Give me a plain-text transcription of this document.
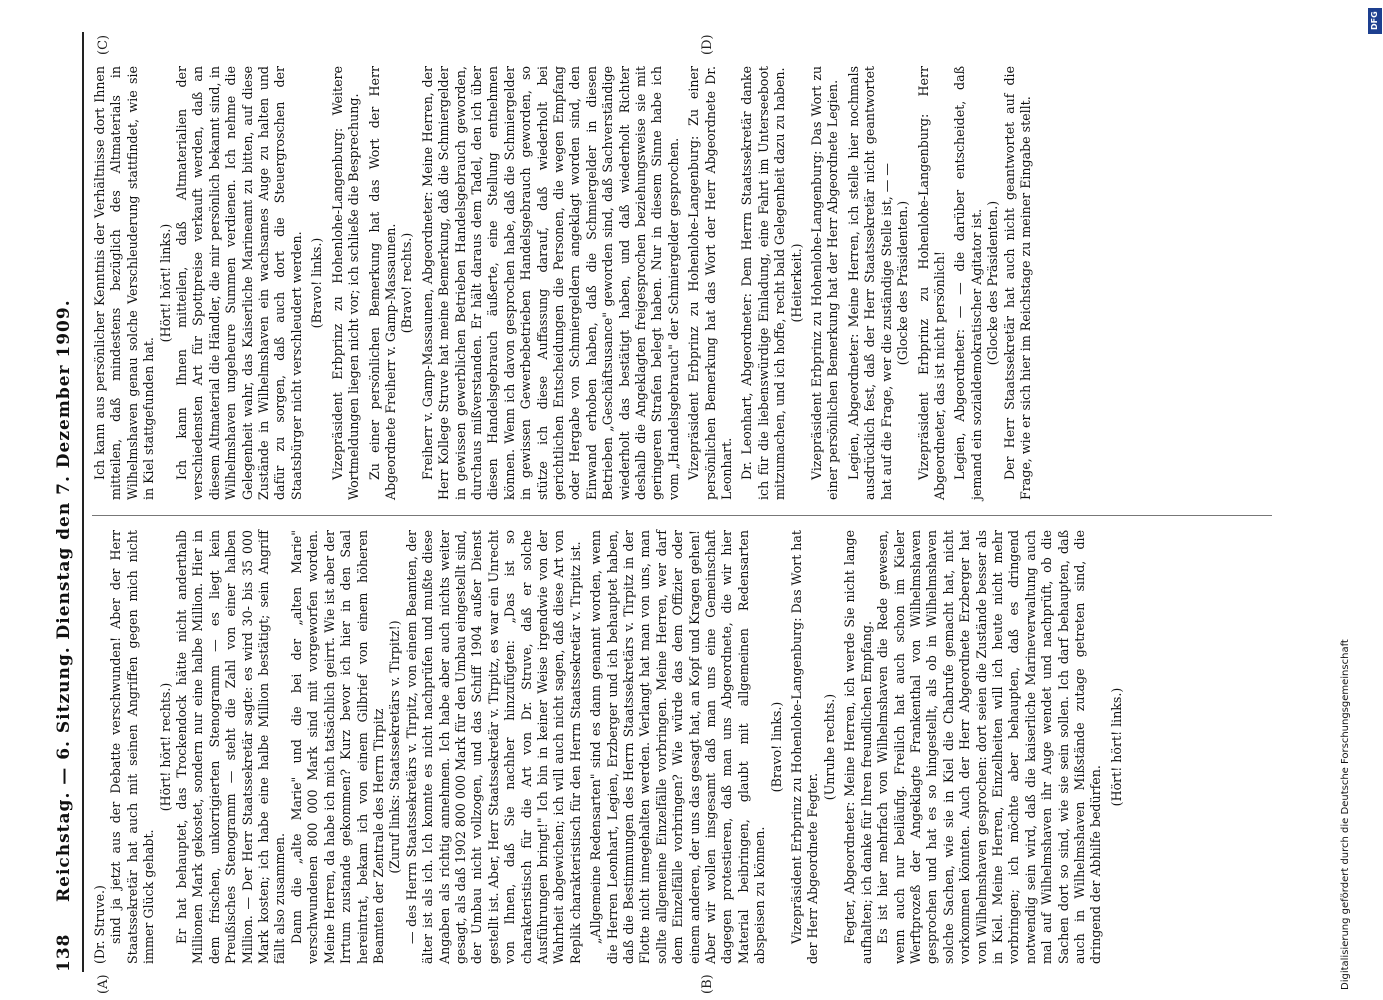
138
Reichstag. — 6. Sitzung. Dienstag den 7. Dezember 1909.
(A)	(B)
(C)	(D)

(Dr. Struve.) sind ja jetzt aus der Debatte verschwunden! Aber der Herr Staatssekretär hat auch mit seinen Angriffen gegen mich nicht immer Glück gehabt.

(Hört! hört! rechts.) Er hat behauptet, das Trockendock hätte nicht anderthalb Millionen Mark gekostet, sondern nur eine halbe Million. Hier in dem frischen, unkorrigierten Stenogramm — es liegt kein Preußisches Stenogramm — steht die Zahl von einer halben Million. — Der Herr Staatssekretär sagte: es wird 30- bis 35 000 Mark kosten; ich habe eine halbe Million bestätigt; sein Angriff fällt also zusammen. Dann die „alte Marie" und die bei der „alten Marie" verschwundenen 800 000 Mark sind mit vorgeworfen worden. Meine Herren, da habe ich mich tatsächlich geirrt. Wie ist aber der Irrtum zustande gekommen? Kurz bevor ich hier in den Saal hereintrat, bekam ich von einem Gilbrief von einem höheren Beamten der Zentrale des Herrn Tirpitz (Zuruf links: Staatssekretärs v. Tirpitz!) — des Herrn Staatssekretärs v. Tirpitz, von einem Beamten, der älter ist als ich. Ich konnte es nicht nachprüfen und mußte diese Angaben als richtig annehmen. Ich habe aber auch nichts weiter gesagt, als daß 1902 800 000 Mark für den Umbau eingestellt sind, der Umbau nicht vollzogen, und das Schiff 1904 außer Dienst gestellt ist. Aber, Herr Staatssekretär v. Tirpitz, es war ein Unrecht von Ihnen, daß Sie nachher hinzufügten: „Das ist so charakteristisch für die Art von Dr. Struve, daß er solche Ausführungen bringt!" Ich bin in keiner Weise irgendwie von der Wahrheit abgewichen; ich will auch nicht sagen, daß diese Art von Replik charakteristisch für den Herrn Staatssekretär v. Tirpitz ist. „Allgemeine Redensarten" sind es dann genannt worden, wenn die Herren Leonhart, Legien, Erzberger und ich behauptet haben, daß die Bestimmungen des Herrn Staatssekretärs v. Tirpitz in der Flotte nicht innegehalten werden. Verlangt hat man von uns, man sollte allgemeine Einzelfälle vorbringen. Meine Herren, wer darf dem Einzelfälle vorbringen? Wie würde das dem Offizier oder einem anderen, der uns das gesagt hat, an Kopf und Kragen gehen! Aber wir wollen insgesamt daß man uns eine Gemeinschaft dagegen protestieren, daß man uns Abgeordnete, die wir hier Material beibringen, glaubt mit allgemeinen Redensarten abspeisen zu können.

(Bravo! links.) Vizepräsident Erbprinz zu Hohenlohe-Langenburg: Das Wort hat der Herr Abgeordnete Fegter.

(Unruhe rechts.) Fegter, Abgeordneter: Meine Herren, ich werde Sie nicht lange aufhalten; ich danke für Ihren freundlichen Empfang. Es ist hier mehrfach von Wilhelmshaven die Rede gewesen, wenn auch nur beiläufig. Freilich hat auch schon im Kieler Werftprozeß der Angeklagte Frankenthal von Wilhelmshaven gesprochen und hat es so hingestellt, als ob in Wilhelmshaven solche Sachen, wie sie in Kiel die Chabrufe gemacht hat, nicht vorkommen könnten. Auch der Herr Abgeordnete Erzberger hat von Wilhelmshaven gesprochen: dort seien die Zustände besser als in Kiel. Meine Herren, Einzelheiten will ich heute nicht mehr vorbringen; ich möchte aber behaupten, daß es dringend notwendig sein wird, daß die kaiserliche Marineverwaltung auch mal auf Wilhelmshaven ihr Auge wendet und nachprüft, ob die Sachen dort so sind, wie sie sein sollen. Ich darf behaupten, daß auch in Wilhelmshaven Mißstände zutage getreten sind, die dringend der Abhilfe bedürfen.

(Hört! hört! links.)

Ich kann aus persönlicher Kenntnis der Verhältnisse dort Ihnen mitteilen, daß mindestens bezüglich des Altmaterials in Wilhelmshaven genau solche Verschleuderung stattfindet, wie sie in Kiel stattgefunden hat.

(Hört! hört! links.) Ich kann Ihnen mitteilen, daß Altmaterialien der verschiedensten Art für Spottpreise verkauft werden, daß an diesem Altmaterial die Händler, die mir persönlich bekannt sind, in Wilhelmshaven ungeheure Summen verdienen. Ich nehme die Gelegenheit wahr, das Kaiserliche Marineamt zu bitten, auf diese Zustände in Wilhelmshaven ein wachsames Auge zu halten und dafür zu sorgen, daß auch dort die Steuergroschen der Staatsbürger nicht verschleudert werden. (Bravo! links.) Vizepräsident Erbprinz zu Hohenlohe-Langenburg: Weitere Wortmeldungen liegen nicht vor; ich schließe die Besprechung. Zu einer persönlichen Bemerkung hat das Wort der Herr Abgeordnete Freiherr v. Gamp-Massaunen. (Bravo! rechts.) Freiherr v. Gamp-Massaunen, Abgeordneter: Meine Herren, der Herr Kollege Struve hat meine Bemerkung, daß die Schmiergelder in gewissen gewerblichen Betrieben Handelsgebrauch geworden, durchaus mißverstanden. Er hält daraus dem Tadel, den ich über diesen Handelsgebrauch äußerte, eine Stellung entnehmen können. Wenn ich davon gesprochen habe, daß die Schmiergelder in gewissen Gewerbebetrieben Handelsgebrauch geworden, so stütze ich diese Auffassung darauf, daß wiederholt bei gerichtlichen Entscheidungen die Personen, die wegen Empfang oder Hergabe von Schmiergeldern angeklagt worden sind, den Einwand erhoben haben, daß die Schmiergelder in diesen Betrieben „Geschäftsusance" geworden sind, daß Sachverständige wiederholt das bestätigt haben, und daß wiederholt Richter deshalb die Angeklagten freigesprochen beziehungsweise sie mit geringeren Strafen belegt haben. Nur in diesem Sinne habe ich vom „Handelsgebrauch" der Schmiergelder gesprochen. Vizepräsident Erbprinz zu Hohenlohe-Langenburg: Zu einer persönlichen Bemerkung hat das Wort der Herr Abgeordnete Dr. Leonhart. Dr. Leonhart, Abgeordneter: Dem Herrn Staatssekretär danke ich für die liebenswürdige Einladung, eine Fahrt im Unterseeboot mitzumachen, und ich hoffe, recht bald Gelegenheit dazu zu haben. (Heiterkeit.) Vizepräsident Erbprinz zu Hohenlohe-Langenburg: Das Wort zu einer persönlichen Bemerkung hat der Herr Abgeordnete Legien. Legien, Abgeordneter: Meine Herren, ich stelle hier nochmals ausdrücklich fest, daß der Herr Staatssekretär nicht geantwortet hat auf die Frage, wer die zuständige Stelle ist, — — (Glocke des Präsidenten.) Vizepräsident Erbprinz zu Hohenlohe-Langenburg: Herr Abgeordneter, das ist nicht persönlich! Legien, Abgeordneter: — — die darüber entscheidet, daß jemand ein sozialdemokratischer Agitator ist. (Glocke des Präsidenten.) Der Herr Staatssekretär hat auch nicht geantwortet auf die Frage, wie er sich hier im Reichstage zu meiner Eingabe stellt.

Digitalisierung gefördert durch die Deutsche Forschungsgemeinschaft
DFG
